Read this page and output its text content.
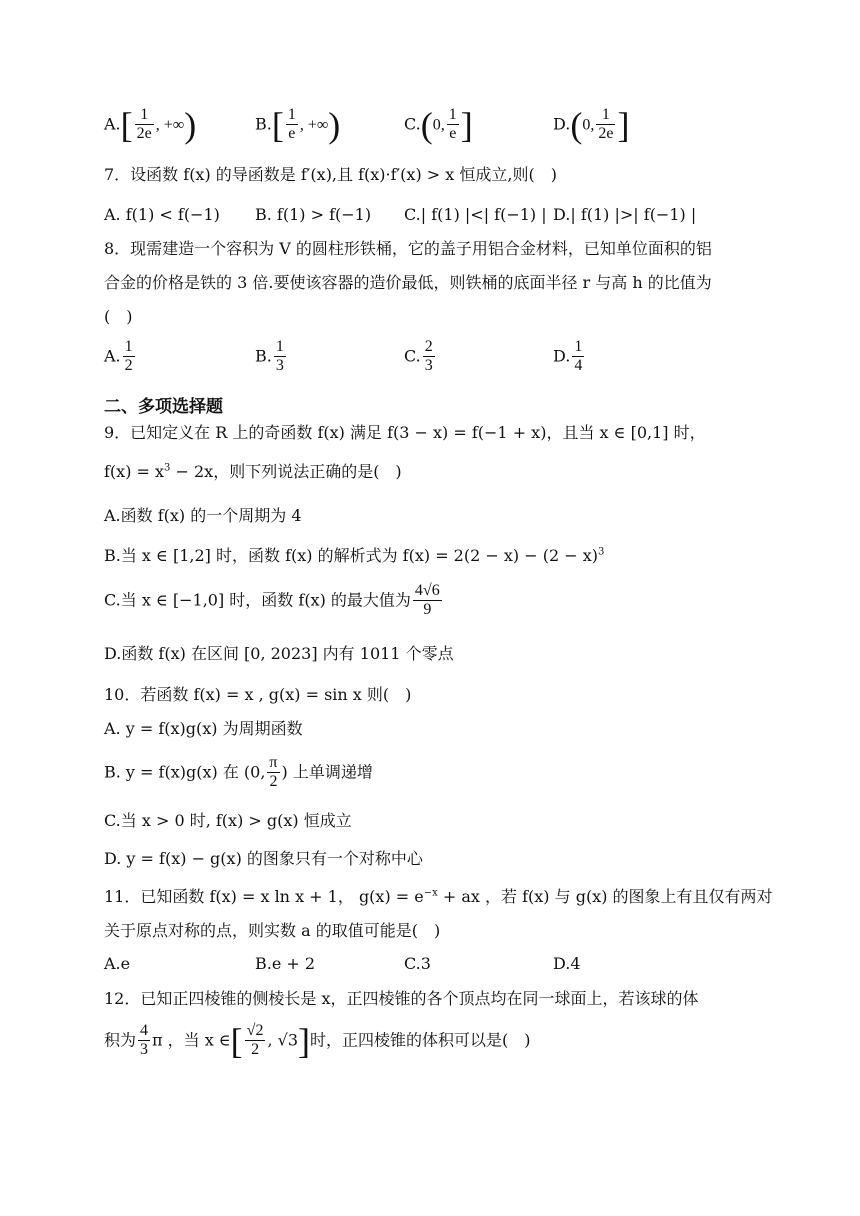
$A.[ \frac{1}{2e}$ , +∞)	$B.[ \frac{1}{e}$ , +∞)	C.(0, $\frac{1}{e}$ ]	D.(0, $\frac{1}{2e}$ ]
7．设函数 f(x) 的导函数是 f′(x),且 f(x)·f′(x) > x 恒成立,则(　)
A. f(1) < f(−1) B. f(1) > f(−1) C.| f(1) |<| f(−1) | D.| f(1) |>| f(−1) |
8．现需建造一个容积为 V 的圆柱形铁桶，它的盖子用铝合金材料，已知单位面积的铝
合金的价格是铁的 3 倍.要使该容器的造价最低，则铁桶的底面半径 r 与高 h 的比值为
(　)
A. $\frac{1}{2}$	B. $\frac{1}{3}$	C. $\frac{2}{3}$	D. $\frac{1}{4}$
二、多项选择题
9．已知定义在 R 上的奇函数 f(x) 满足 f(3 − x) = f(−1 + x)，且当 x ∈ [0,1] 时，
$f(x) = x^3 - 2x$，则下列说法正确的是(　)
A.函数 f(x) 的一个周期为 4
B.当 x ∈ [1,2] 时，函数 f(x) 的解析式为 $f(x) = 2(2 - x) - (2 - x)^3$
C.当 x ∈ [−1,0] 时，函数 f(x) 的最大值为 $\frac{4√6}{9}$
D.函数 f(x) 在区间 [0, 2023] 内有 1011 个零点
10．若函数 f(x) = x , g(x) = sin x 则(　)
A. y = f(x)g(x) 为周期函数
B. y = f(x)g(x) 在 (0, $\frac{\pi}{2}$ ) 上单调递增
C.当 x > 0 时, f(x) > g(x) 恒成立
D. y = f(x) − g(x) 的图象只有一个对称中心
11．已知函数 f(x) = x ln x + 1， $g(x) = e^{-x}$ + ax ，若 f(x) 与 g(x) 的图象上有且仅有两对
关于原点对称的点，则实数 a 的取值可能是(　)
A.e	B.e + 2	C.3	D.4
12．已知正四棱锥的侧棱长是 x，正四棱锥的各个顶点均在同一球面上，若该球的体
积为 $\frac{4}{3}$ π ，当 x ∈[ $\frac{√2}{2}$ , √3]时，正四棱锥的体积可以是(　)
